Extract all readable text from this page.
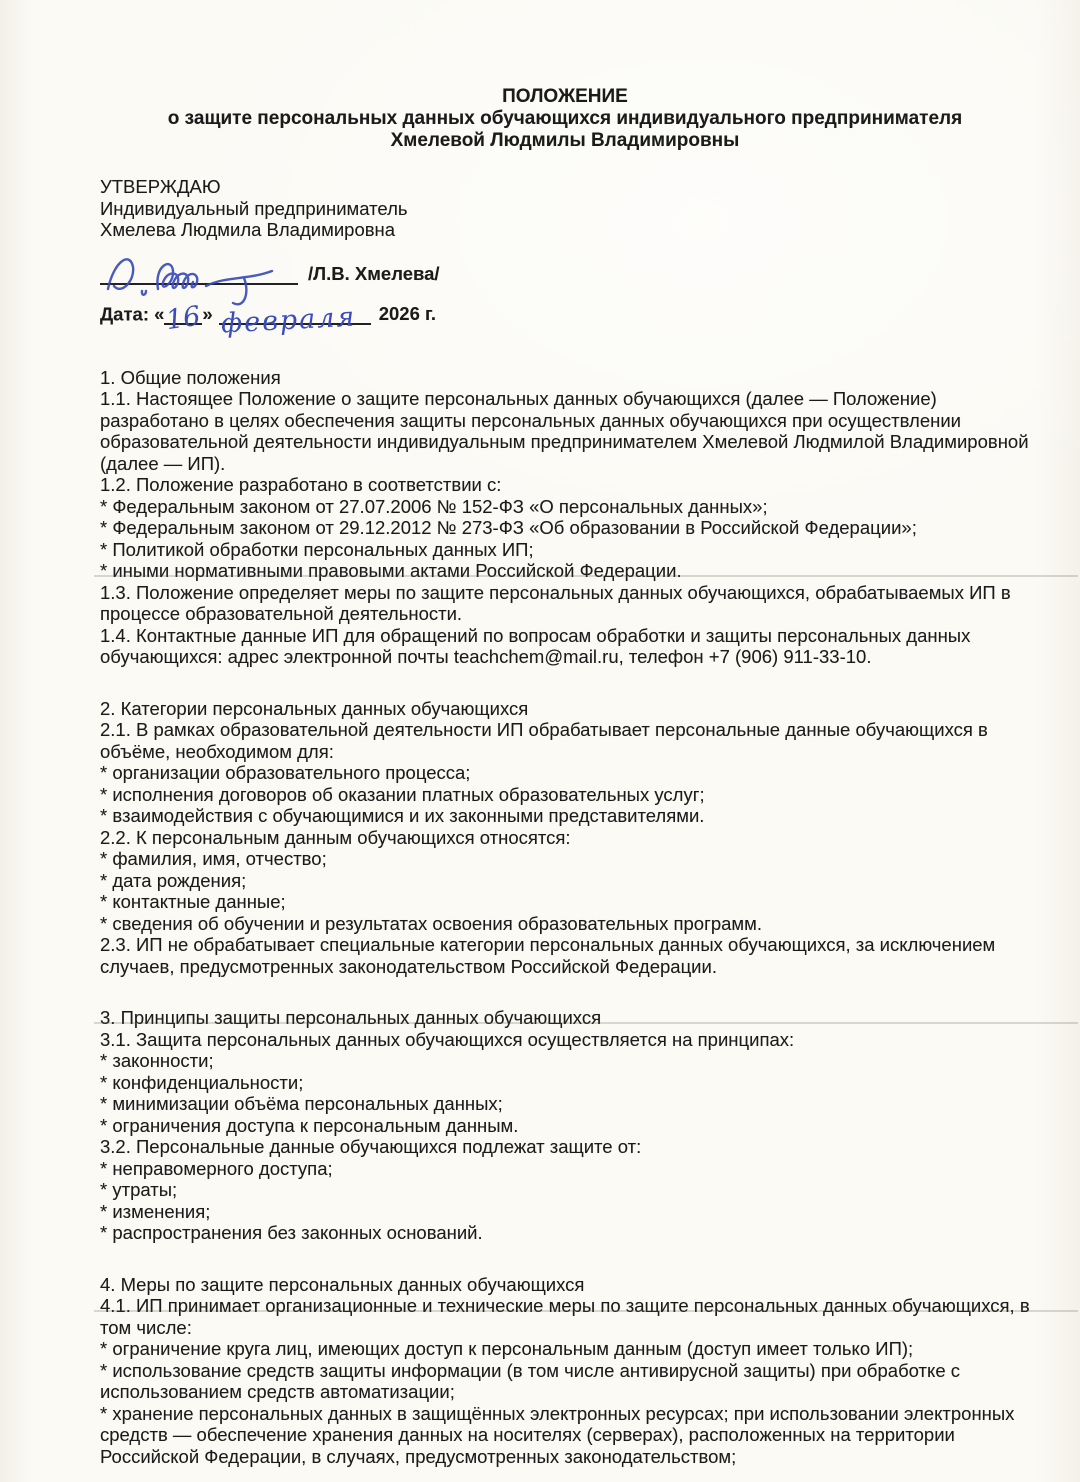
ПОЛОЖЕНИЕ
о защите персональных данных обучающихся индивидуального предпринимателя
Хмелевой Людмилы Владимировны
УТВЕРЖДАЮ
Индивидуальный предприниматель
Хмелева Людмила Владимировна
/Л.В. Хмелева/
Дата: « 16 » февраля 2026 г.

1. Общие положения

1.1. Настоящее Положение о защите персональных данных обучающихся (далее — Положение) разработано в целях обеспечения защиты персональных данных обучающихся при осуществлении образовательной деятельности индивидуальным предпринимателем Хмелевой Людмилой Владимировной (далее — ИП).

1.2. Положение разработано в соответствии с:

* Федеральным законом от 27.07.2006 № 152-ФЗ «О персональных данных»;

* Федеральным законом от 29.12.2012 № 273-ФЗ «Об образовании в Российской Федерации»;

* Политикой обработки персональных данных ИП;

* иными нормативными правовыми актами Российской Федерации.

1.3. Положение определяет меры по защите персональных данных обучающихся, обрабатываемых ИП в процессе образовательной деятельности.

1.4. Контактные данные ИП для обращений по вопросам обработки и защиты персональных данных обучающихся: адрес электронной почты teachchem@mail.ru, телефон +7 (906) 911-33-10.

2. Категории персональных данных обучающихся

2.1. В рамках образовательной деятельности ИП обрабатывает персональные данные обучающихся в объёме, необходимом для:

* организации образовательного процесса;

* исполнения договоров об оказании платных образовательных услуг;

* взаимодействия с обучающимися и их законными представителями.

2.2. К персональным данным обучающихся относятся:

* фамилия, имя, отчество;

* дата рождения;

* контактные данные;

* сведения об обучении и результатах освоения образовательных программ.

2.3. ИП не обрабатывает специальные категории персональных данных обучающихся, за исключением случаев, предусмотренных законодательством Российской Федерации.

3. Принципы защиты персональных данных обучающихся

3.1. Защита персональных данных обучающихся осуществляется на принципах:

* законности;

* конфиденциальности;

* минимизации объёма персональных данных;

* ограничения доступа к персональным данным.

3.2. Персональные данные обучающихся подлежат защите от:

* неправомерного доступа;

* утраты;

* изменения;

* распространения без законных оснований.

4. Меры по защите персональных данных обучающихся

4.1. ИП принимает организационные и технические меры по защите персональных данных обучающихся, в том числе:

* ограничение круга лиц, имеющих доступ к персональным данным (доступ имеет только ИП);

* использование средств защиты информации (в том числе антивирусной защиты) при обработке с использованием средств автоматизации;

* хранение персональных данных в защищённых электронных ресурсах; при использовании электронных средств — обеспечение хранения данных на носителях (серверах), расположенных на территории Российской Федерации, в случаях, предусмотренных законодательством;
